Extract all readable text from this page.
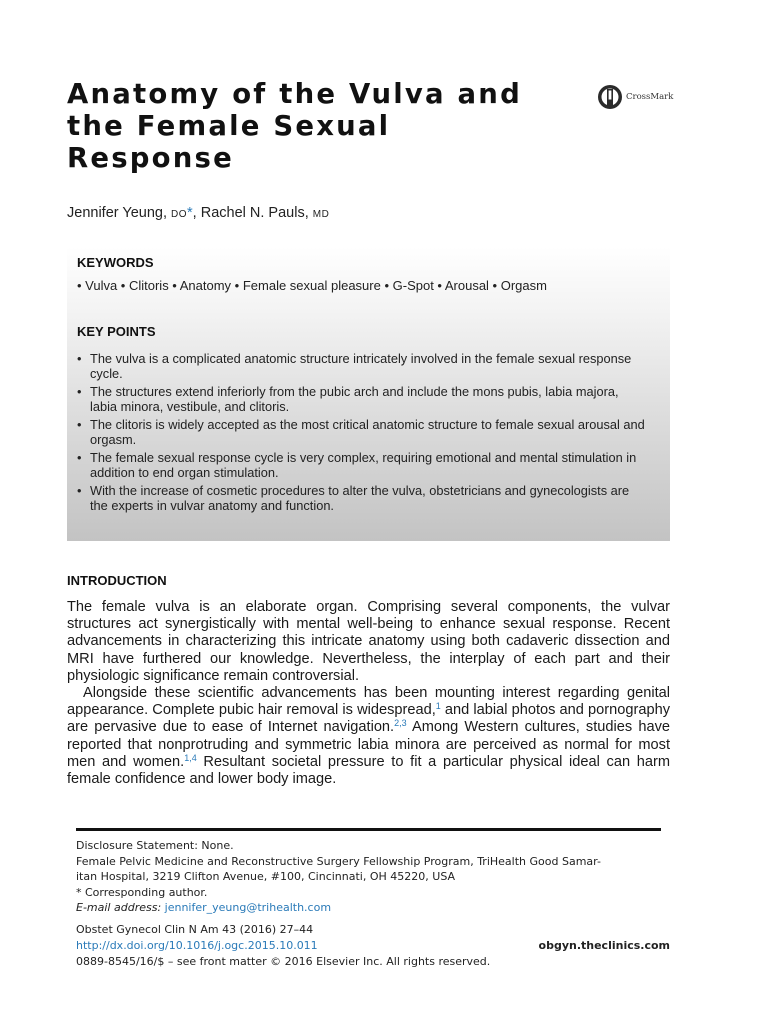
Anatomy of the Vulva and the Female Sexual Response
CrossMark
Jennifer Yeung, DO*, Rachel N. Pauls, MD
KEYWORDS
• Vulva • Clitoris • Anatomy • Female sexual pleasure • G-Spot • Arousal • Orgasm
KEY POINTS
• The vulva is a complicated anatomic structure intricately involved in the female sexual response cycle.
• The structures extend inferiorly from the pubic arch and include the mons pubis, labia majora, labia minora, vestibule, and clitoris.
• The clitoris is widely accepted as the most critical anatomic structure to female sexual arousal and orgasm.
• The female sexual response cycle is very complex, requiring emotional and mental stimulation in addition to end organ stimulation.
• With the increase of cosmetic procedures to alter the vulva, obstetricians and gynecologists are the experts in vulvar anatomy and function.
INTRODUCTION

The female vulva is an elaborate organ. Comprising several components, the vulvar structures act synergistically with mental well-being to enhance sexual response. Recent advancements in characterizing this intricate anatomy using both cadaveric dissection and MRI have furthered our knowledge. Nevertheless, the interplay of each part and their physiologic significance remain controversial.

Alongside these scientific advancements has been mounting interest regarding genital appearance. Complete pubic hair removal is widespread,$^1$ and labial photos and pornography are pervasive due to ease of Internet navigation.$^{2,3}$ Among Western cultures, studies have reported that nonprotruding and symmetric labia minora are perceived as normal for most men and women.$^{1,4}$ Resultant societal pressure to fit a particular physical ideal can harm female confidence and lower body image.

Disclosure Statement: None.
Female Pelvic Medicine and Reconstructive Surgery Fellowship Program, TriHealth Good Samar-
itan Hospital, 3219 Clifton Avenue, #100, Cincinnati, OH 45220, USA
* Corresponding author.
E-mail address: jennifer_yeung@trihealth.com
Obstet Gynecol Clin N Am 43 (2016) 27–44
http://dx.doi.org/10.1016/j.ogc.2015.10.011
0889-8545/16/$ – see front matter © 2016 Elsevier Inc. All rights reserved.
obgyn.theclinics.com
